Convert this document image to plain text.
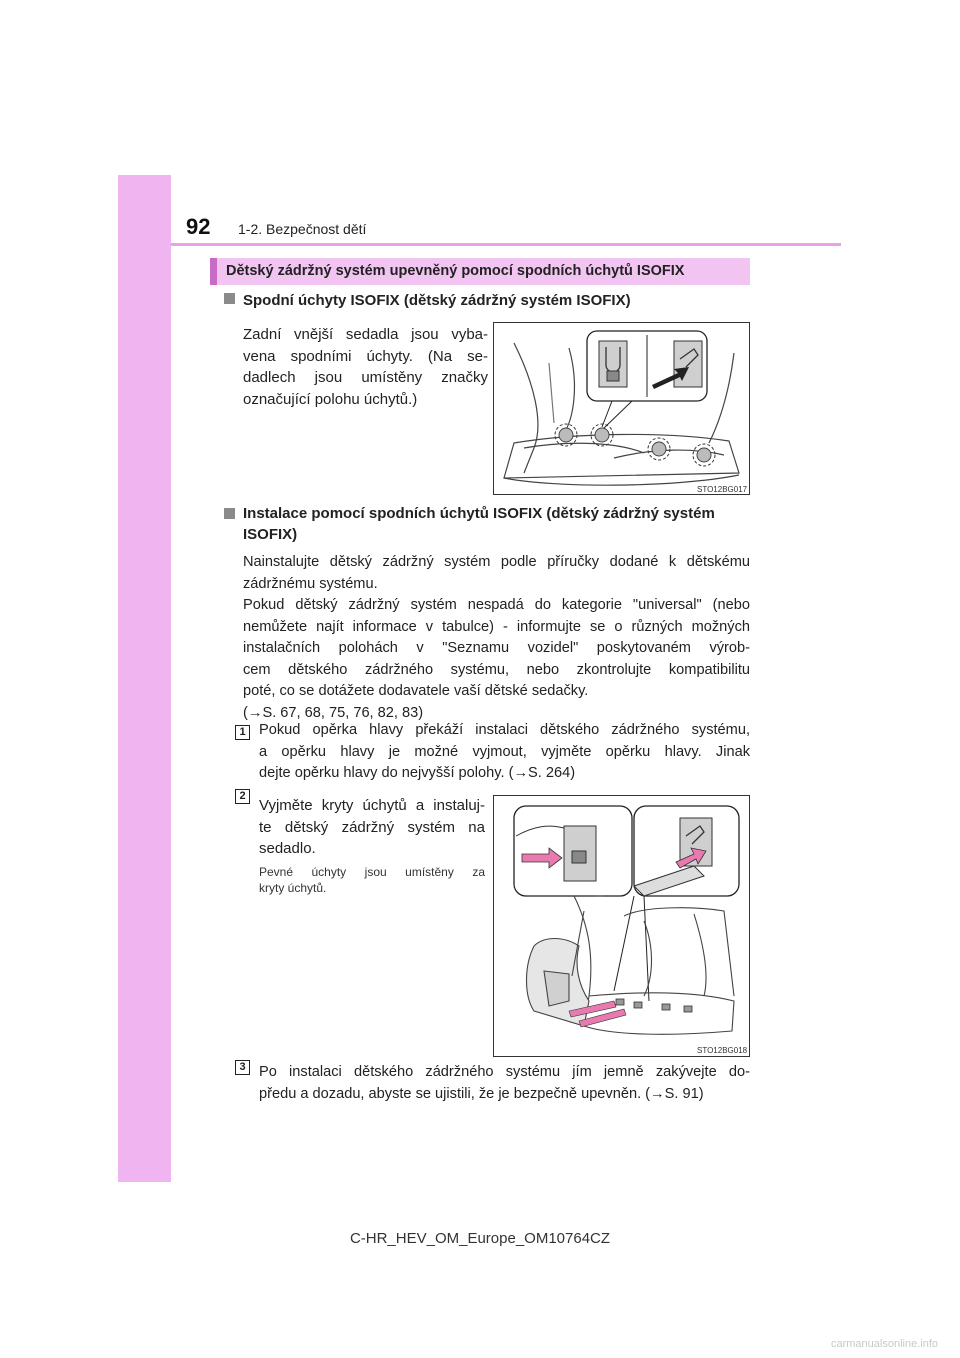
92 1-2. Bezpečnost dětí
Dětský zádržný systém upevněný pomocí spodních úchytů ISOFIX
Spodní úchyty ISOFIX (dětský zádržný systém ISOFIX)
Zadní vnější sedadla jsou vyba-
vena spodními úchyty. (Na se-
dadlech jsou umístěny značky
označující polohu úchytů.)
STO12BG017
Instalace pomocí spodních úchytů ISOFIX (dětský zádržný systém
ISOFIX)
Nainstalujte dětský zádržný systém podle příručky dodané k dětskému
zádržnému systému.
Pokud dětský zádržný systém nespadá do kategorie "universal" (nebo
nemůžete najít informace v tabulce) - informujte se o různých možných
instalačních polohách v "Seznamu vozidel" poskytovaném výrob-
cem dětského zádržného systému, nebo zkontrolujte kompatibilitu
poté, co se dotážete dodavatele vaší dětské sedačky.
(→S. 67, 68, 75, 76, 82, 83)
1 Pokud opěrka hlavy překáží instalaci dětského zádržného systému,
a opěrku hlavy je možné vyjmout, vyjměte opěrku hlavy. Jinak
dejte opěrku hlavy do nejvyšší polohy. (→S. 264)
2
Vyjměte kryty úchytů a instaluj-
te dětský zádržný systém na
sedadlo.
Pevné úchyty jsou umístěny za
kryty úchytů.
STO12BG018
3 Po instalaci dětského zádržného systému jím jemně zakývejte do-
předu a dozadu, abyste se ujistili, že je bezpečně upevněn. (→S. 91)
C-HR_HEV_OM_Europe_OM10764CZ
carmanualsonline.info
